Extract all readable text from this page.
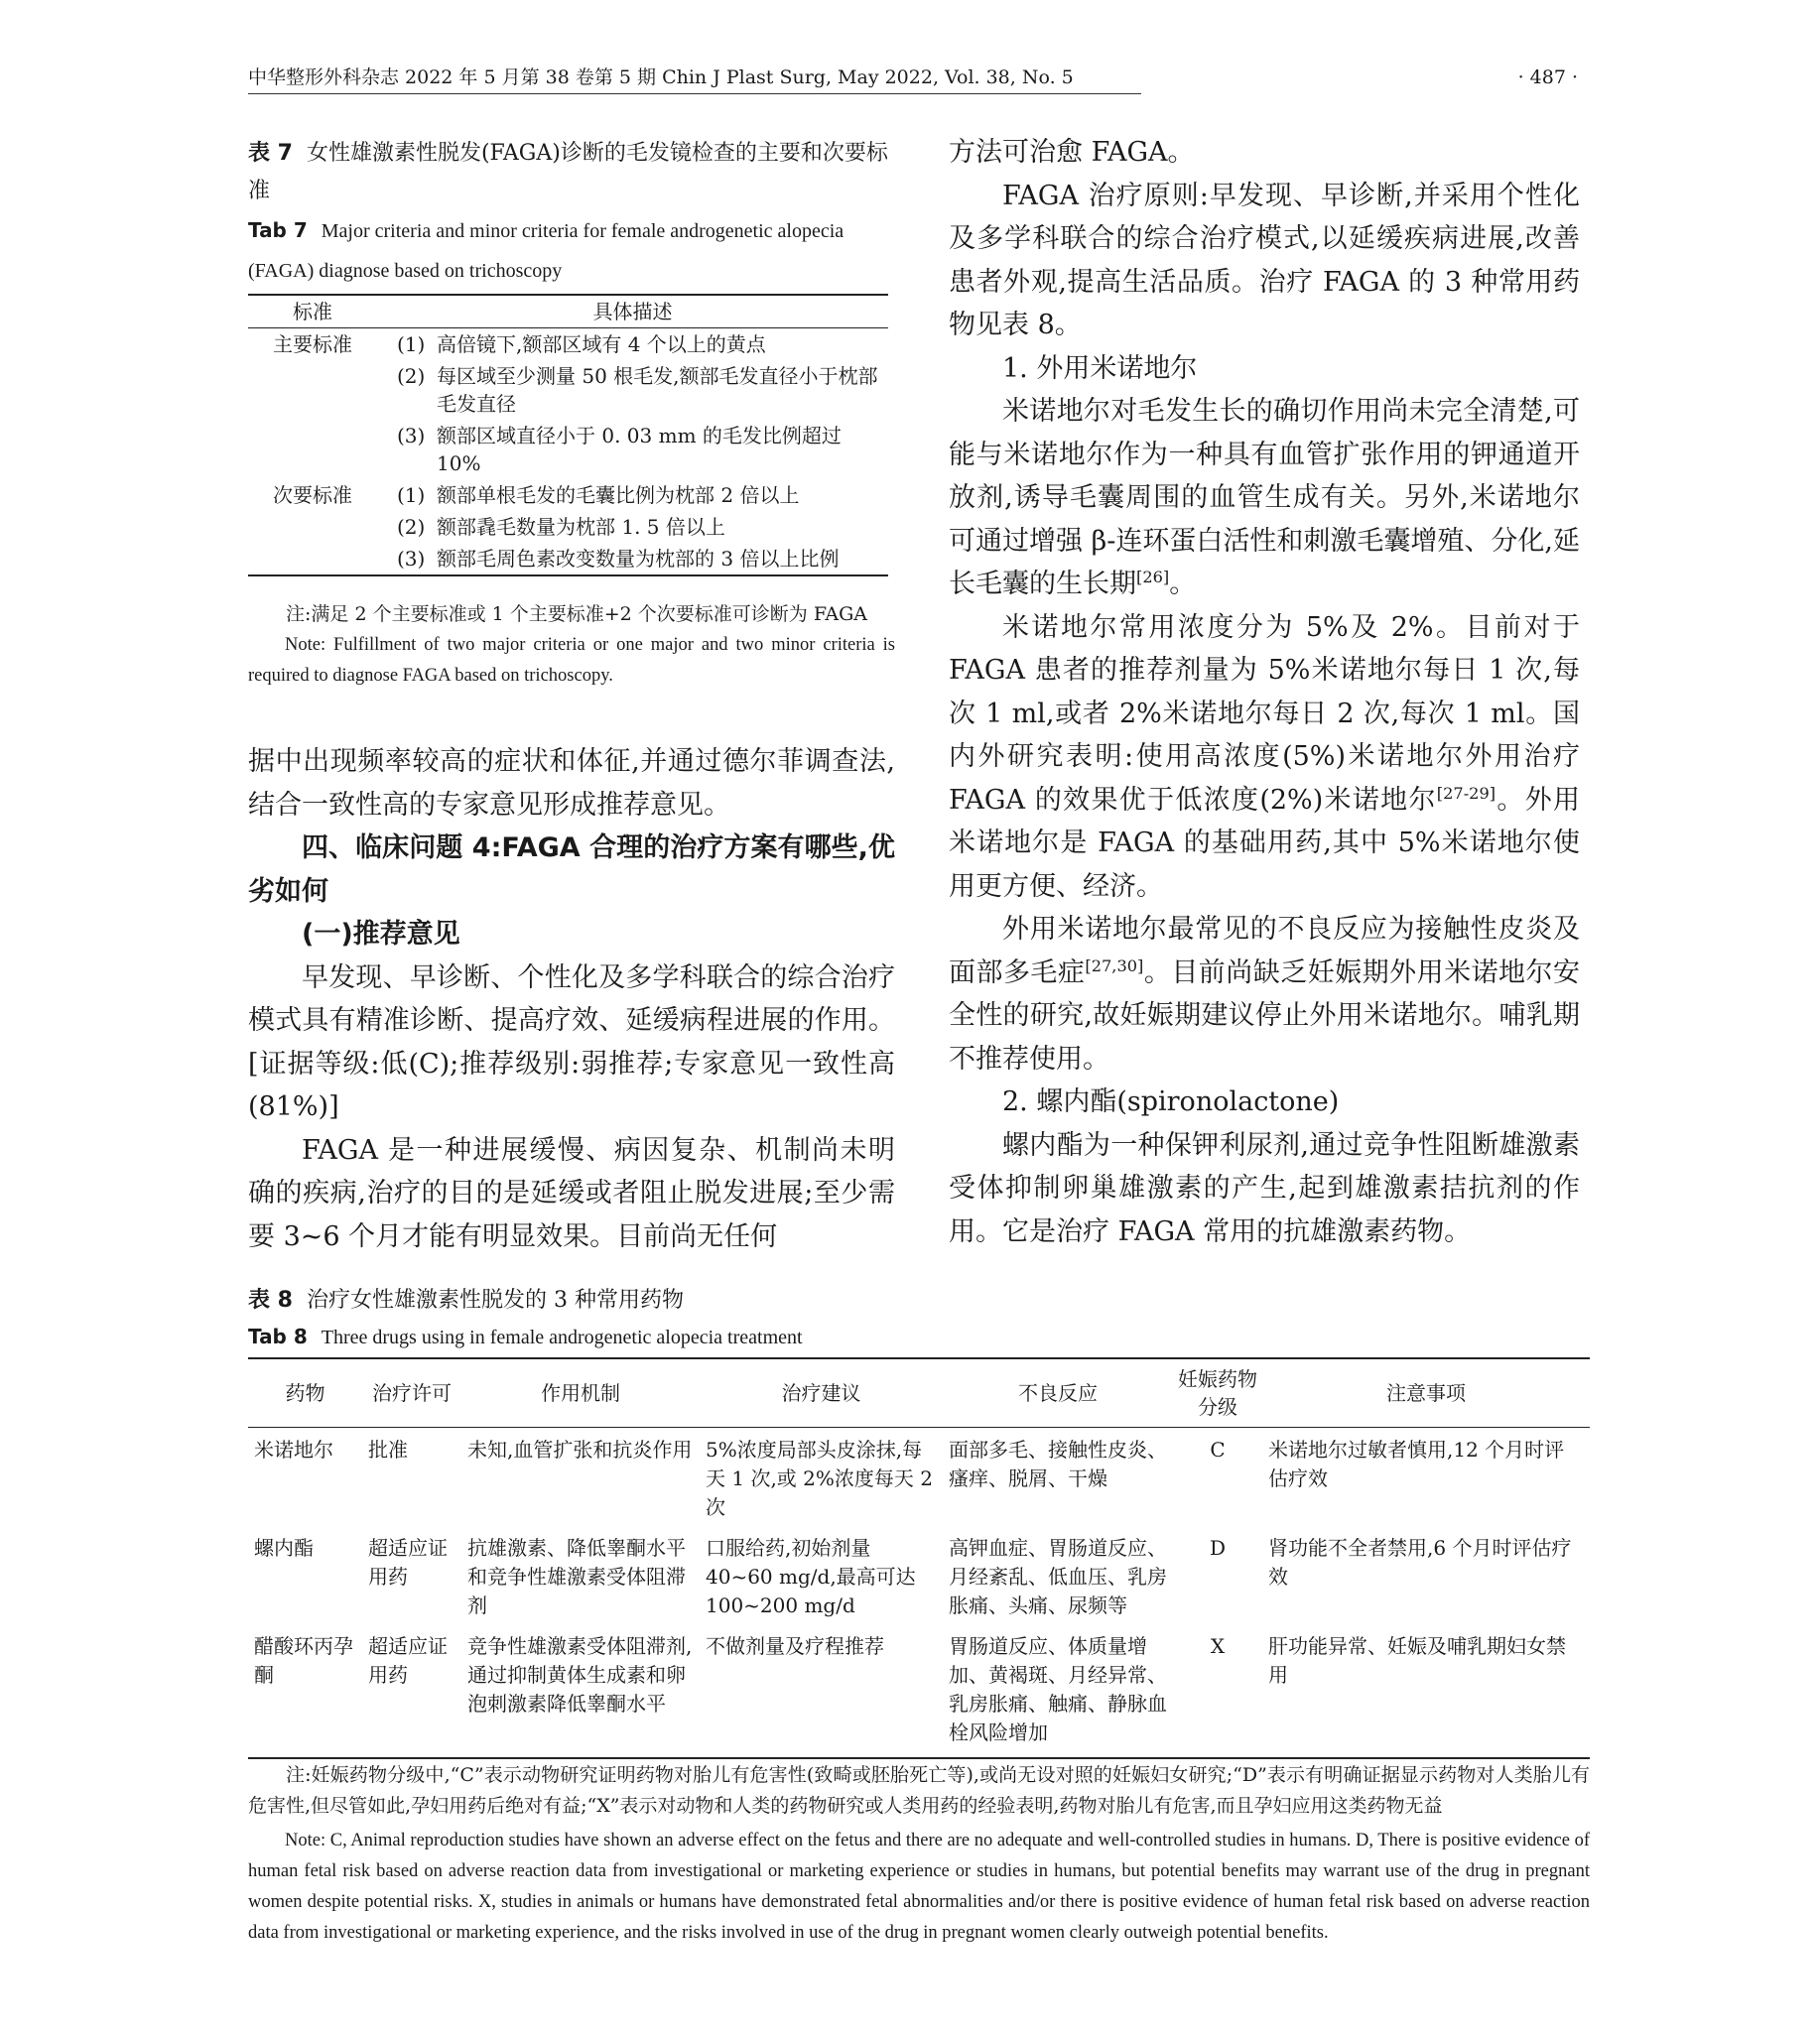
中华整形外科杂志 2022 年 5 月第 38 卷第 5 期 Chin J Plast Surg, May 2022, Vol. 38, No. 5	· 487 ·
表 7 女性雄激素性脱发(FAGA)诊断的毛发镜检查的主要和次要标准
Tab 7 Major criteria and minor criteria for female androgenetic alopecia (FAGA) diagnose based on trichoscopy
标准	具体描述	
主要标准	(1)	高倍镜下,额部区域有 4 个以上的黄点
	(2)	每区域至少测量 50 根毛发,额部毛发直径小于枕部毛发直径
	(3)	额部区域直径小于 0. 03 mm 的毛发比例超过 10%
次要标准	(1)	额部单根毛发的毛囊比例为枕部 2 倍以上
	(2)	额部毳毛数量为枕部 1. 5 倍以上
	(3)	额部毛周色素改变数量为枕部的 3 倍以上比例
注:满足 2 个主要标准或 1 个主要标准+2 个次要标准可诊断为 FAGA
Note: Fulfillment of two major criteria or one major and two minor criteria is required to diagnose FAGA based on trichoscopy.

据中出现频率较高的症状和体征,并通过德尔菲调查法,结合一致性高的专家意见形成推荐意见。

四、临床问题 4:FAGA 合理的治疗方案有哪些,优劣如何

(一)推荐意见

早发现、早诊断、个性化及多学科联合的综合治疗模式具有精准诊断、提高疗效、延缓病程进展的作用。[证据等级:低(C);推荐级别:弱推荐;专家意见一致性高(81%)]

FAGA 是一种进展缓慢、病因复杂、机制尚未明确的疾病,治疗的目的是延缓或者阻止脱发进展;至少需要 3~6 个月才能有明显效果。目前尚无任何

方法可治愈 FAGA。

FAGA 治疗原则:早发现、早诊断,并采用个性化及多学科联合的综合治疗模式,以延缓疾病进展,改善患者外观,提高生活品质。治疗 FAGA 的 3 种常用药物见表 8。

1. 外用米诺地尔

米诺地尔对毛发生长的确切作用尚未完全清楚,可能与米诺地尔作为一种具有血管扩张作用的钾通道开放剂,诱导毛囊周围的血管生成有关。另外,米诺地尔可通过增强 β-连环蛋白活性和刺激毛囊增殖、分化,延长毛囊的生长期[26]。

米诺地尔常用浓度分为 5%及 2%。目前对于 FAGA 患者的推荐剂量为 5%米诺地尔每日 1 次,每次 1 ml,或者 2%米诺地尔每日 2 次,每次 1 ml。国内外研究表明:使用高浓度(5%)米诺地尔外用治疗 FAGA 的效果优于低浓度(2%)米诺地尔[27-29]。外用米诺地尔是 FAGA 的基础用药,其中 5%米诺地尔使用更方便、经济。

外用米诺地尔最常见的不良反应为接触性皮炎及面部多毛症[27,30]。目前尚缺乏妊娠期外用米诺地尔安全性的研究,故妊娠期建议停止外用米诺地尔。哺乳期不推荐使用。

2. 螺内酯(spironolactone)

螺内酯为一种保钾利尿剂,通过竞争性阻断雄激素受体抑制卵巢雄激素的产生,起到雄激素拮抗剂的作用。它是治疗 FAGA 常用的抗雄激素药物。

表 8 治疗女性雄激素性脱发的 3 种常用药物
Tab 8 Three drugs using in female androgenetic alopecia treatment
药物	治疗许可	作用机制	治疗建议	不良反应	妊娠药物分级	注意事项
米诺地尔	批准	未知,血管扩张和抗炎作用	5%浓度局部头皮涂抹,每天 1 次,或 2%浓度每天 2 次	面部多毛、接触性皮炎、瘙痒、脱屑、干燥	C	米诺地尔过敏者慎用,12 个月时评估疗效
螺内酯	超适应证用药	抗雄激素、降低睾酮水平和竞争性雄激素受体阻滞剂	口服给药,初始剂量 40~60 mg/d,最高可达 100~200 mg/d	高钾血症、胃肠道反应、月经紊乱、低血压、乳房胀痛、头痛、尿频等	D	肾功能不全者禁用,6 个月时评估疗效
醋酸环丙孕酮	超适应证用药	竞争性雄激素受体阻滞剂,通过抑制黄体生成素和卵泡刺激素降低睾酮水平	不做剂量及疗程推荐	胃肠道反应、体质量增加、黄褐斑、月经异常、乳房胀痛、触痛、静脉血栓风险增加	X	肝功能异常、妊娠及哺乳期妇女禁用
注:妊娠药物分级中,“C”表示动物研究证明药物对胎儿有危害性(致畸或胚胎死亡等),或尚无设对照的妊娠妇女研究;“D”表示有明确证据显示药物对人类胎儿有危害性,但尽管如此,孕妇用药后绝对有益;“X”表示对动物和人类的药物研究或人类用药的经验表明,药物对胎儿有危害,而且孕妇应用这类药物无益
Note: C, Animal reproduction studies have shown an adverse effect on the fetus and there are no adequate and well-controlled studies in humans. D, There is positive evidence of human fetal risk based on adverse reaction data from investigational or marketing experience or studies in humans, but potential benefits may warrant use of the drug in pregnant women despite potential risks. X, studies in animals or humans have demonstrated fetal abnormalities and/or there is positive evidence of human fetal risk based on adverse reaction data from investigational or marketing experience, and the risks involved in use of the drug in pregnant women clearly outweigh potential benefits.
